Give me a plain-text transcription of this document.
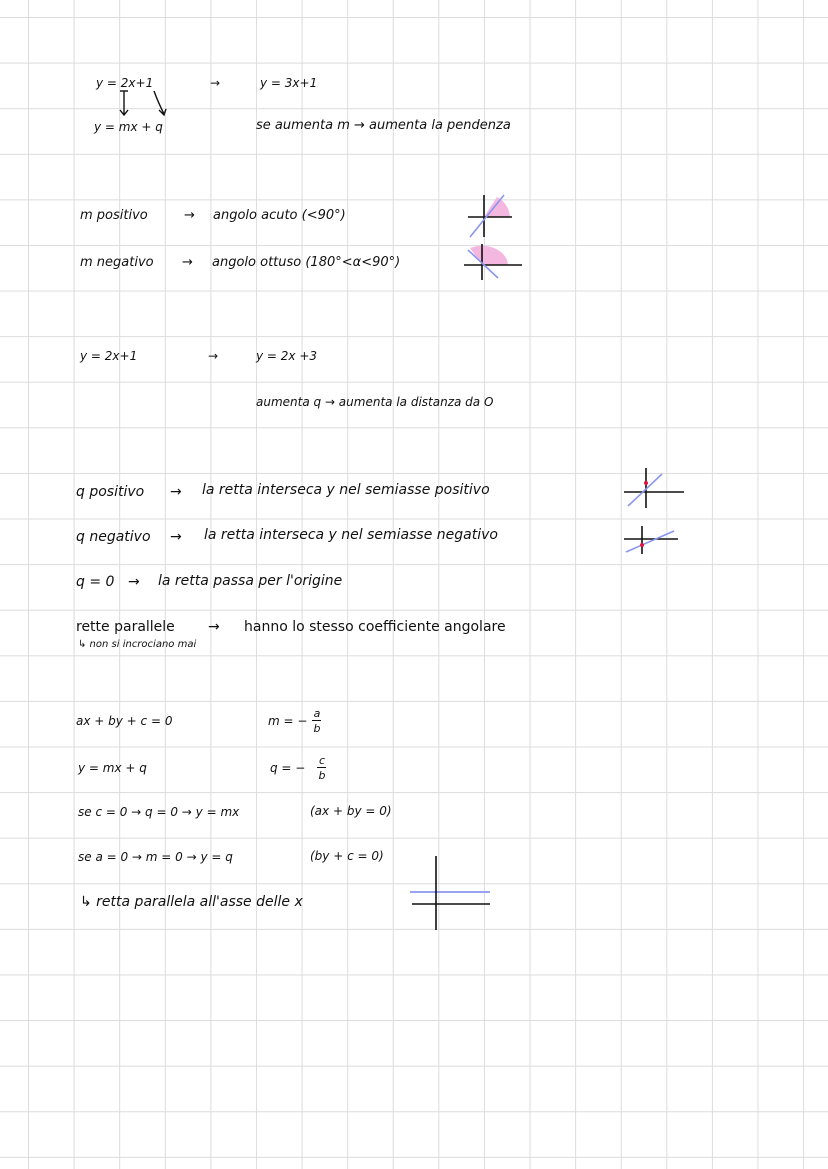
y = 2x+1	→	y = 3x+1
y = mx + q	se aumenta m → aumenta la pendenza
m positivo	→ angolo acuto (<90°)
m negativo → angolo ottuso (180°<α<90°)
y = 2x+1	→	y = 2x +3
aumenta q → aumenta la distanza da O
q positivo → la retta interseca y nel semiasse positivo
q negativo → la retta interseca y nel semiasse negativo
q = 0 → la retta passa per l'origine
rette parallele → hanno lo stesso coefficiente angolare
↳ non si incrociano mai
ax + by + c = 0	m = −
a
b
y = mx + q	q = −
c
b
se c = 0 → q = 0 → y = mx	(ax + by = 0)
se a = 0 → m = 0 → y = q	(by + c = 0)
↳ retta parallela all'asse delle x
